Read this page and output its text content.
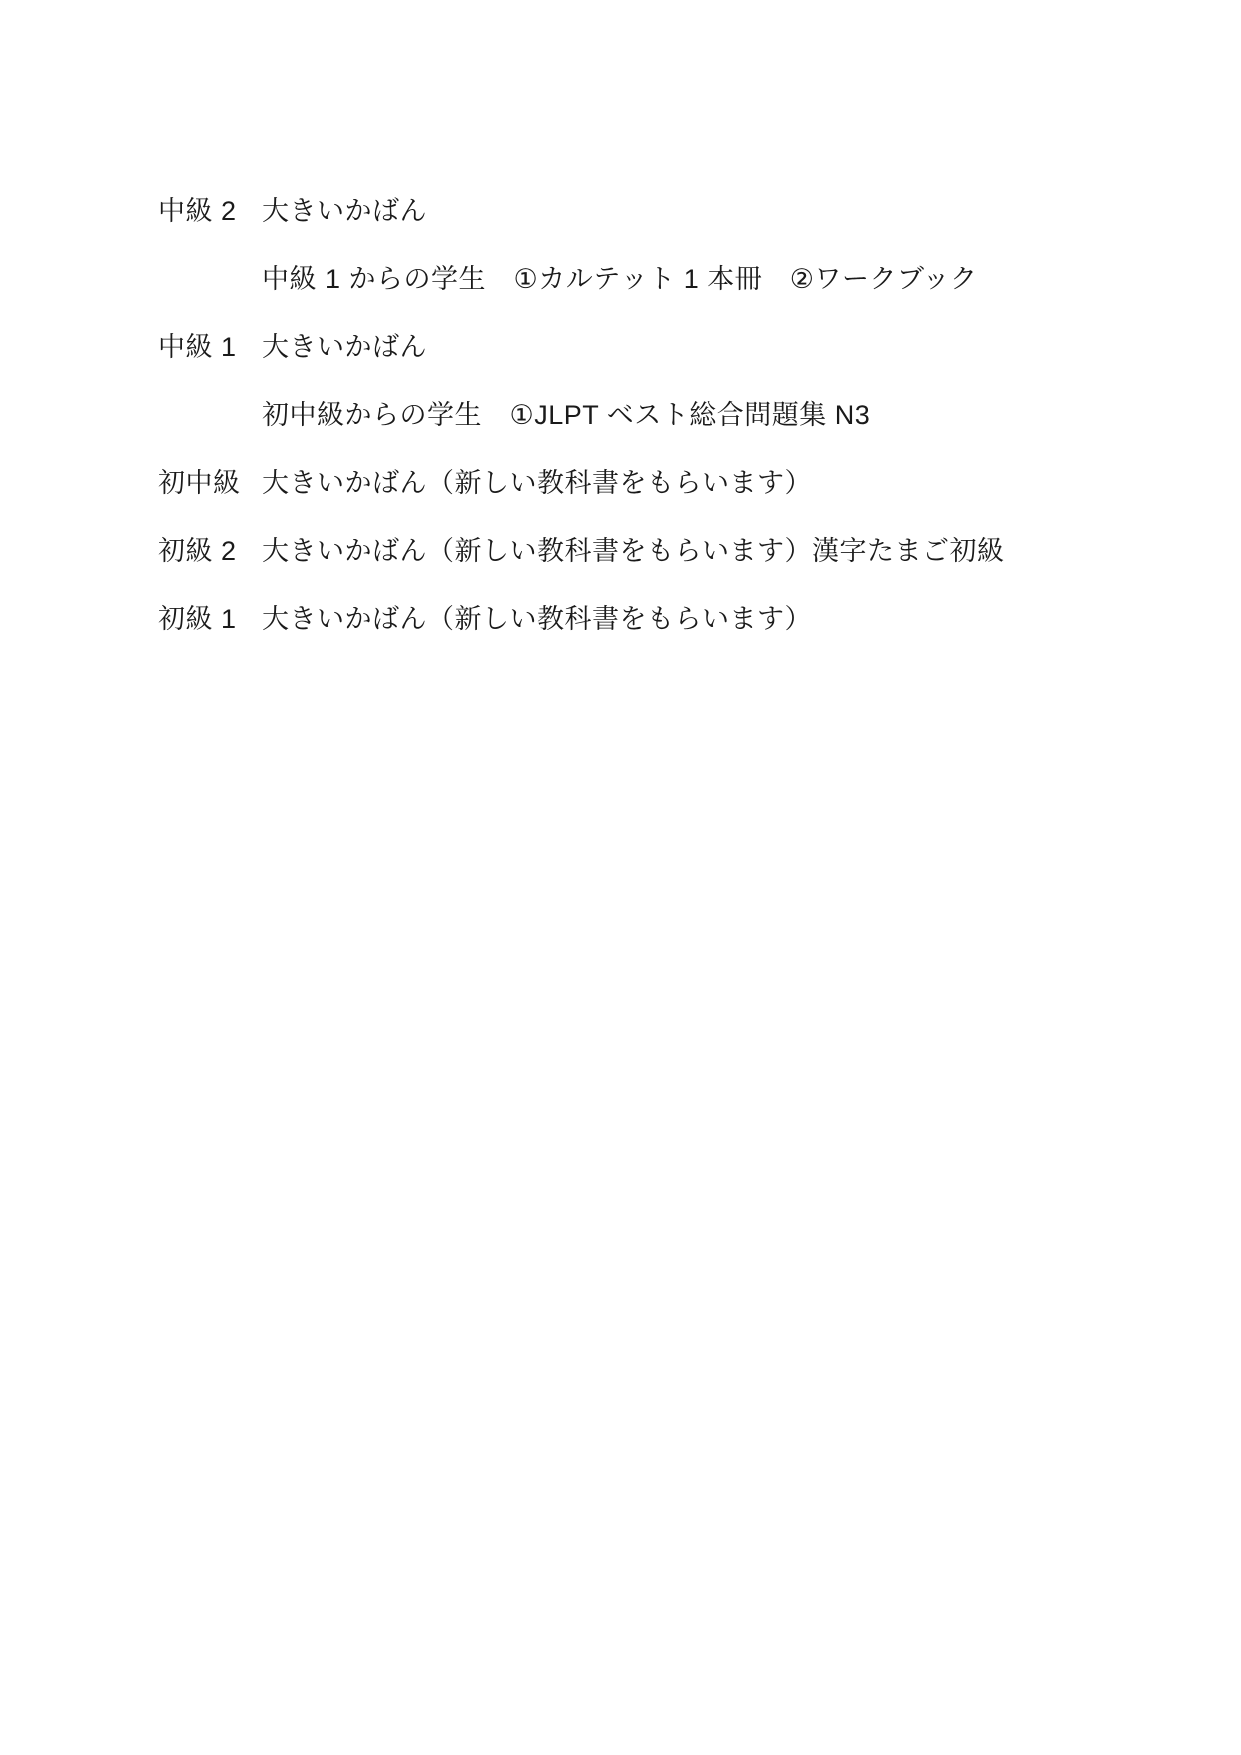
中級 2 大きいかばん
中級 1 からの学生　①カルテット 1 本冊　②ワークブック
中級 1 大きいかばん
初中級からの学生　①JLPT ベスト総合問題集 N3
初中級 大きいかばん（新しい教科書をもらいます）
初級 2 大きいかばん（新しい教科書をもらいます）漢字たまご初級
初級 1 大きいかばん（新しい教科書をもらいます）
